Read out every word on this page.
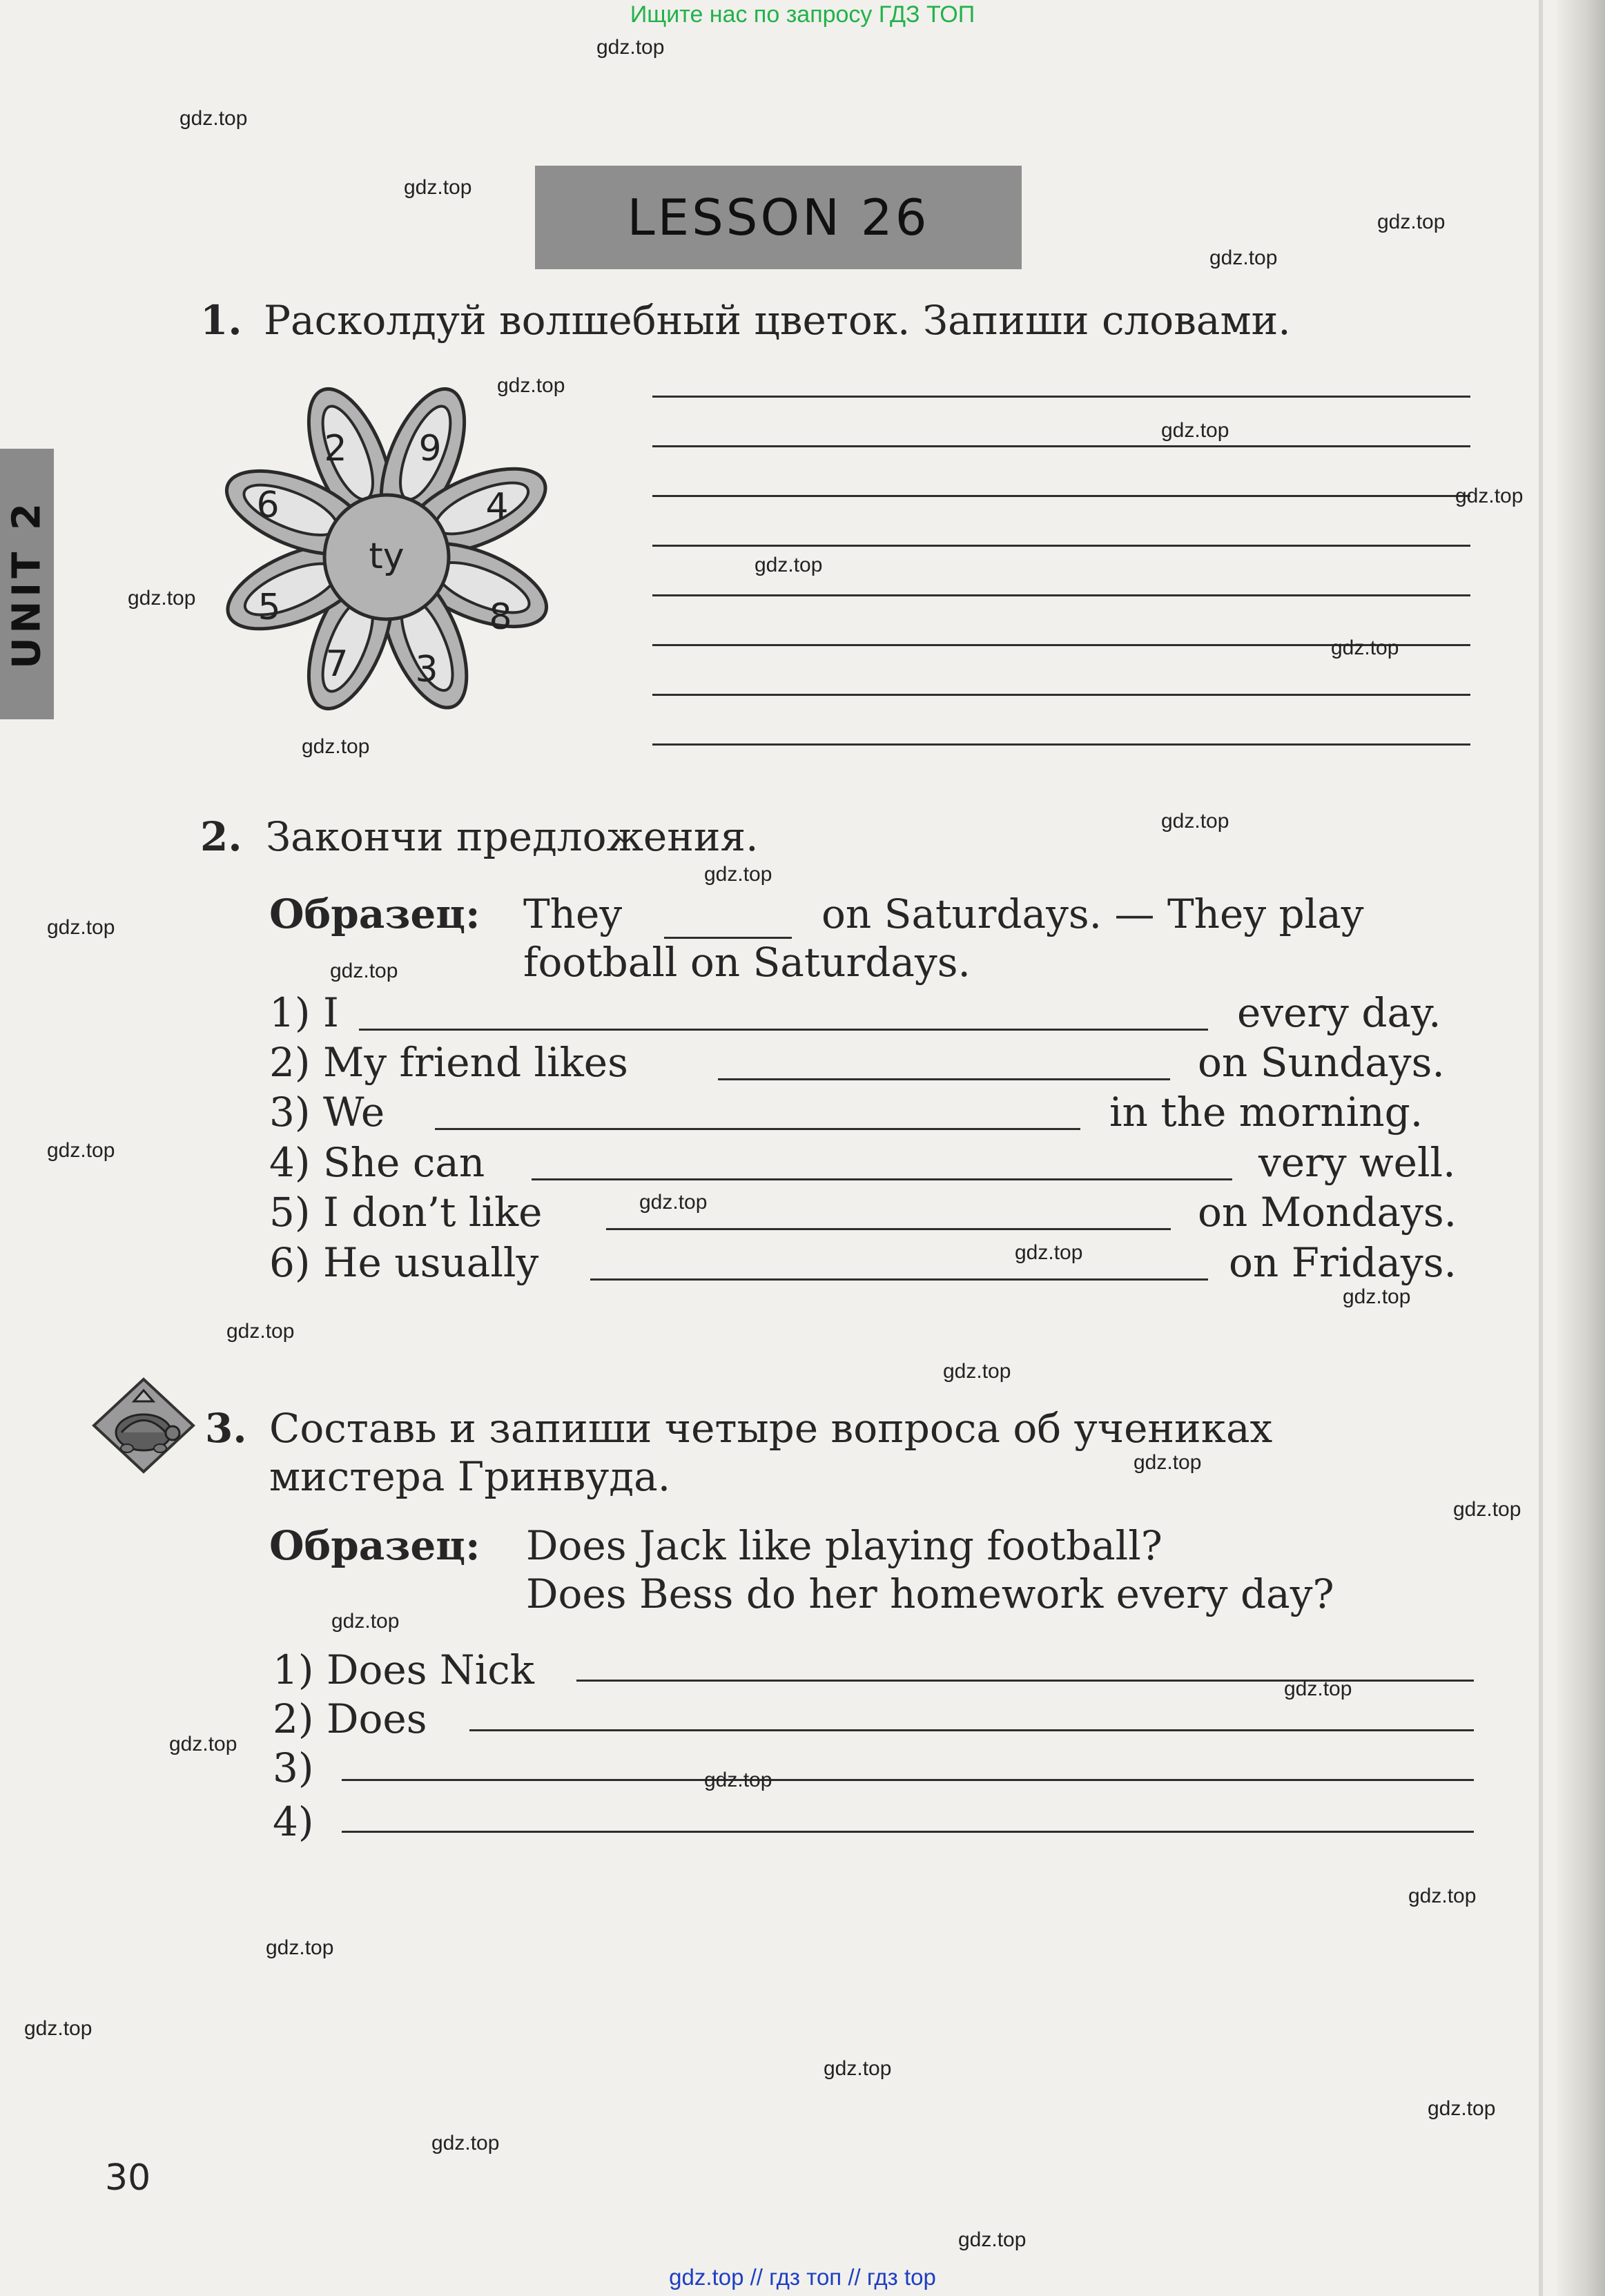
Ищите нас по запросу ГДЗ ТОП
LESSON 26
UNIT 2
1. Расколдуй волшебный цветок. Запиши словами.
ty
2 9
4
8
3
7
5
6
2. Закончи предложения.
Образец: They	on Saturdays. — They play
football on Saturdays.
1) I	every day.
2) My friend likes	on Sundays.
3) We	in the morning.
4) She can	very well.
5) I don’t like	on Mondays.
6) He usually	on Fridays.
3. Составь и запиши четыре вопроса об учениках
мистера Гринвуда.
Образец: Does Jack like playing football?
Does Bess do her homework every day?
1) Does Nick
2) Does
3)
4)
30
gdz.top
gdz.top
gdz.top
gdz.top
gdz.top
gdz.top
gdz.top
gdz.top
gdz.top
gdz.top
gdz.top
gdz.top
gdz.top
gdz.top
gdz.top
gdz.top
gdz.top
gdz.top
gdz.top
gdz.top
gdz.top
gdz.top
gdz.top
gdz.top
gdz.top
gdz.top
gdz.top
gdz.top
gdz.top
gdz.top
gdz.top
gdz.top
gdz.top
gdz.top
gdz.top
gdz.top // гдз топ // гдз top
